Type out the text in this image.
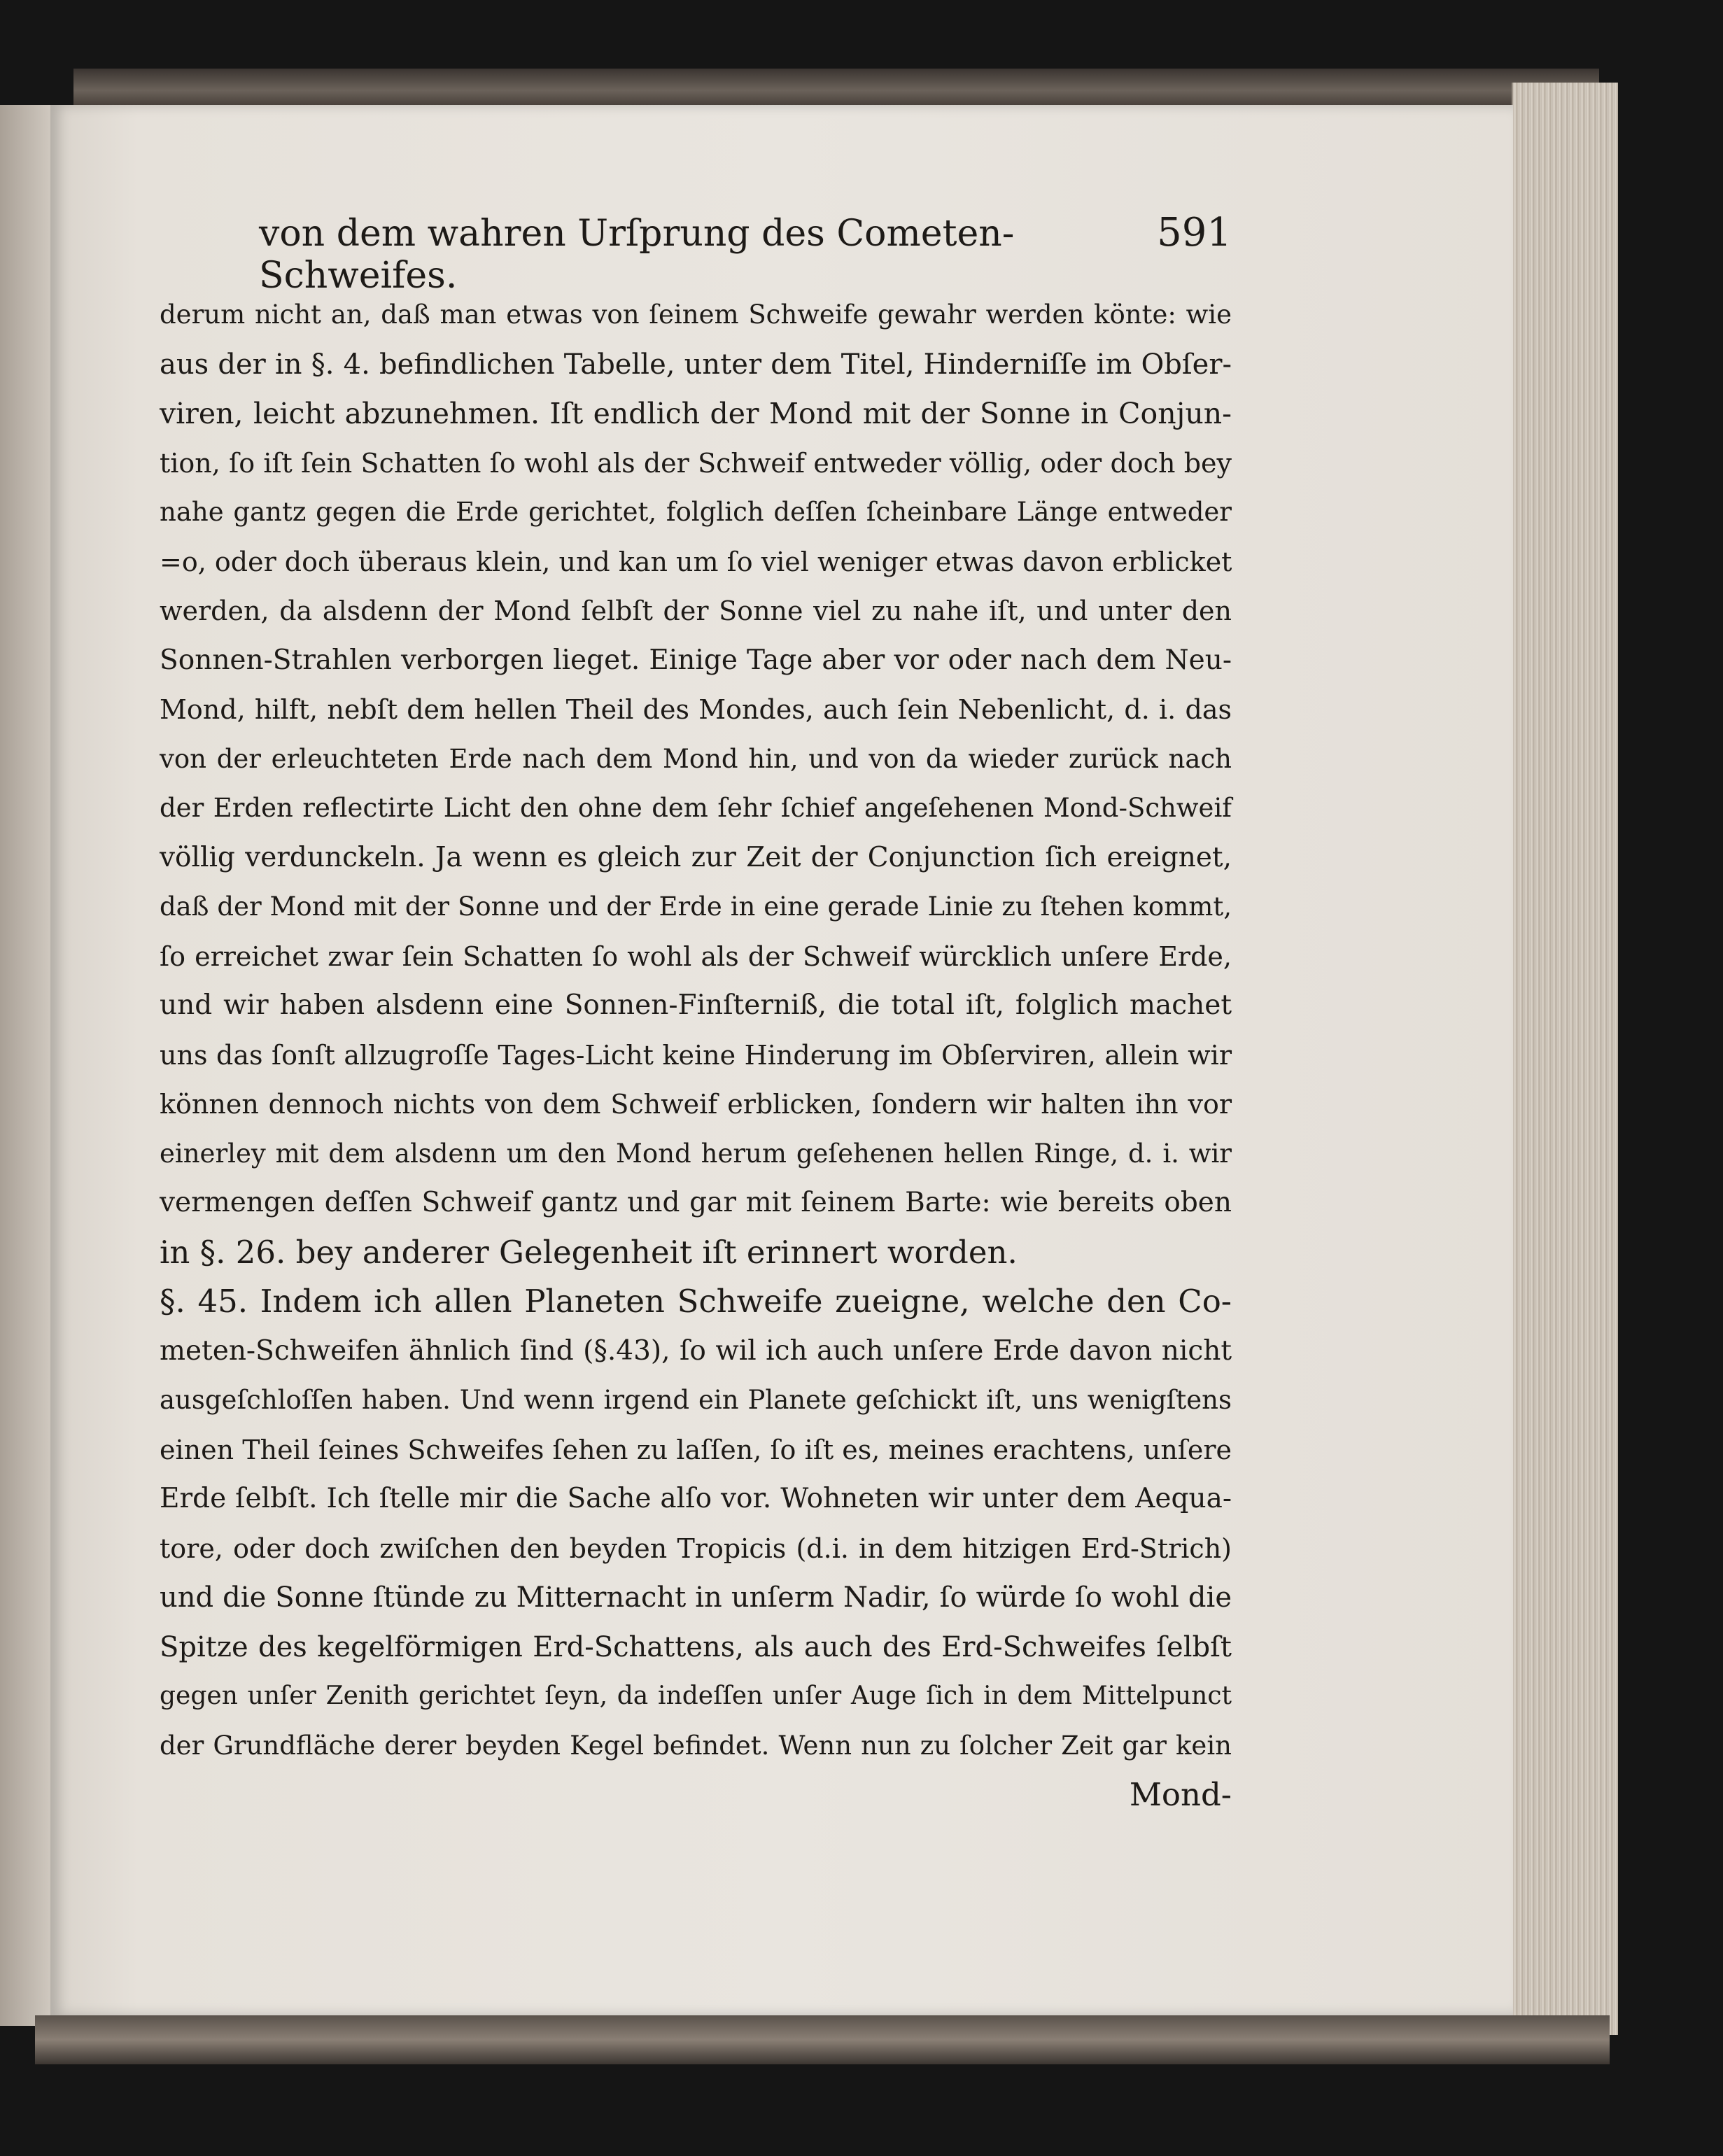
von dem wahren Urſprung des Cometen-Schweifes.
591
derum nicht an, daß man etwas von ſeinem Schweife gewahr werden könte: wie
aus der in §. 4. befindlichen Tabelle, unter dem Titel, Hinderniſſe im Obſer-
viren, leicht abzunehmen. Iſt endlich der Mond mit der Sonne in Conjun-
tion, ſo iſt ſein Schatten ſo wohl als der Schweif entweder völlig, oder doch bey
nahe gantz gegen die Erde gerichtet, folglich deſſen ſcheinbare Länge entweder
=o, oder doch überaus klein, und kan um ſo viel weniger etwas davon erblicket
werden, da alsdenn der Mond ſelbſt der Sonne viel zu nahe iſt, und unter den
Sonnen-Strahlen verborgen lieget. Einige Tage aber vor oder nach dem Neu-
Mond, hilft, nebſt dem hellen Theil des Mondes, auch ſein Nebenlicht, d. i. das
von der erleuchteten Erde nach dem Mond hin, und von da wieder zurück nach
der Erden reflectirte Licht den ohne dem ſehr ſchief angeſehenen Mond-Schweif
völlig verdunckeln. Ja wenn es gleich zur Zeit der Conjunction ſich ereignet,
daß der Mond mit der Sonne und der Erde in eine gerade Linie zu ſtehen kommt,
ſo erreichet zwar ſein Schatten ſo wohl als der Schweif würcklich unſere Erde,
und wir haben alsdenn eine Sonnen-Finſterniß, die total iſt, folglich machet
uns das ſonſt allzugroſſe Tages-Licht keine Hinderung im Obſerviren, allein wir
können dennoch nichts von dem Schweif erblicken, ſondern wir halten ihn vor
einerley mit dem alsdenn um den Mond herum geſehenen hellen Ringe, d. i. wir
vermengen deſſen Schweif gantz und gar mit ſeinem Barte: wie bereits oben
in §. 26. bey anderer Gelegenheit iſt erinnert worden.
§. 45. Indem ich allen Planeten Schweife zueigne, welche den Co-
meten-Schweifen ähnlich ſind (§.43), ſo wil ich auch unſere Erde davon nicht
ausgeſchloſſen haben. Und wenn irgend ein Planete geſchickt iſt, uns wenigſtens
einen Theil ſeines Schweifes ſehen zu laſſen, ſo iſt es, meines erachtens, unſere
Erde ſelbſt. Ich ſtelle mir die Sache alſo vor. Wohneten wir unter dem Aequa-
tore, oder doch zwiſchen den beyden Tropicis (d.i. in dem hitzigen Erd-Strich)
und die Sonne ſtünde zu Mitternacht in unſerm Nadir, ſo würde ſo wohl die
Spitze des kegelförmigen Erd-Schattens, als auch des Erd-Schweifes ſelbſt
gegen unſer Zenith gerichtet ſeyn, da indeſſen unſer Auge ſich in dem Mittelpunct
der Grundfläche derer beyden Kegel befindet. Wenn nun zu ſolcher Zeit gar kein
Mond-
